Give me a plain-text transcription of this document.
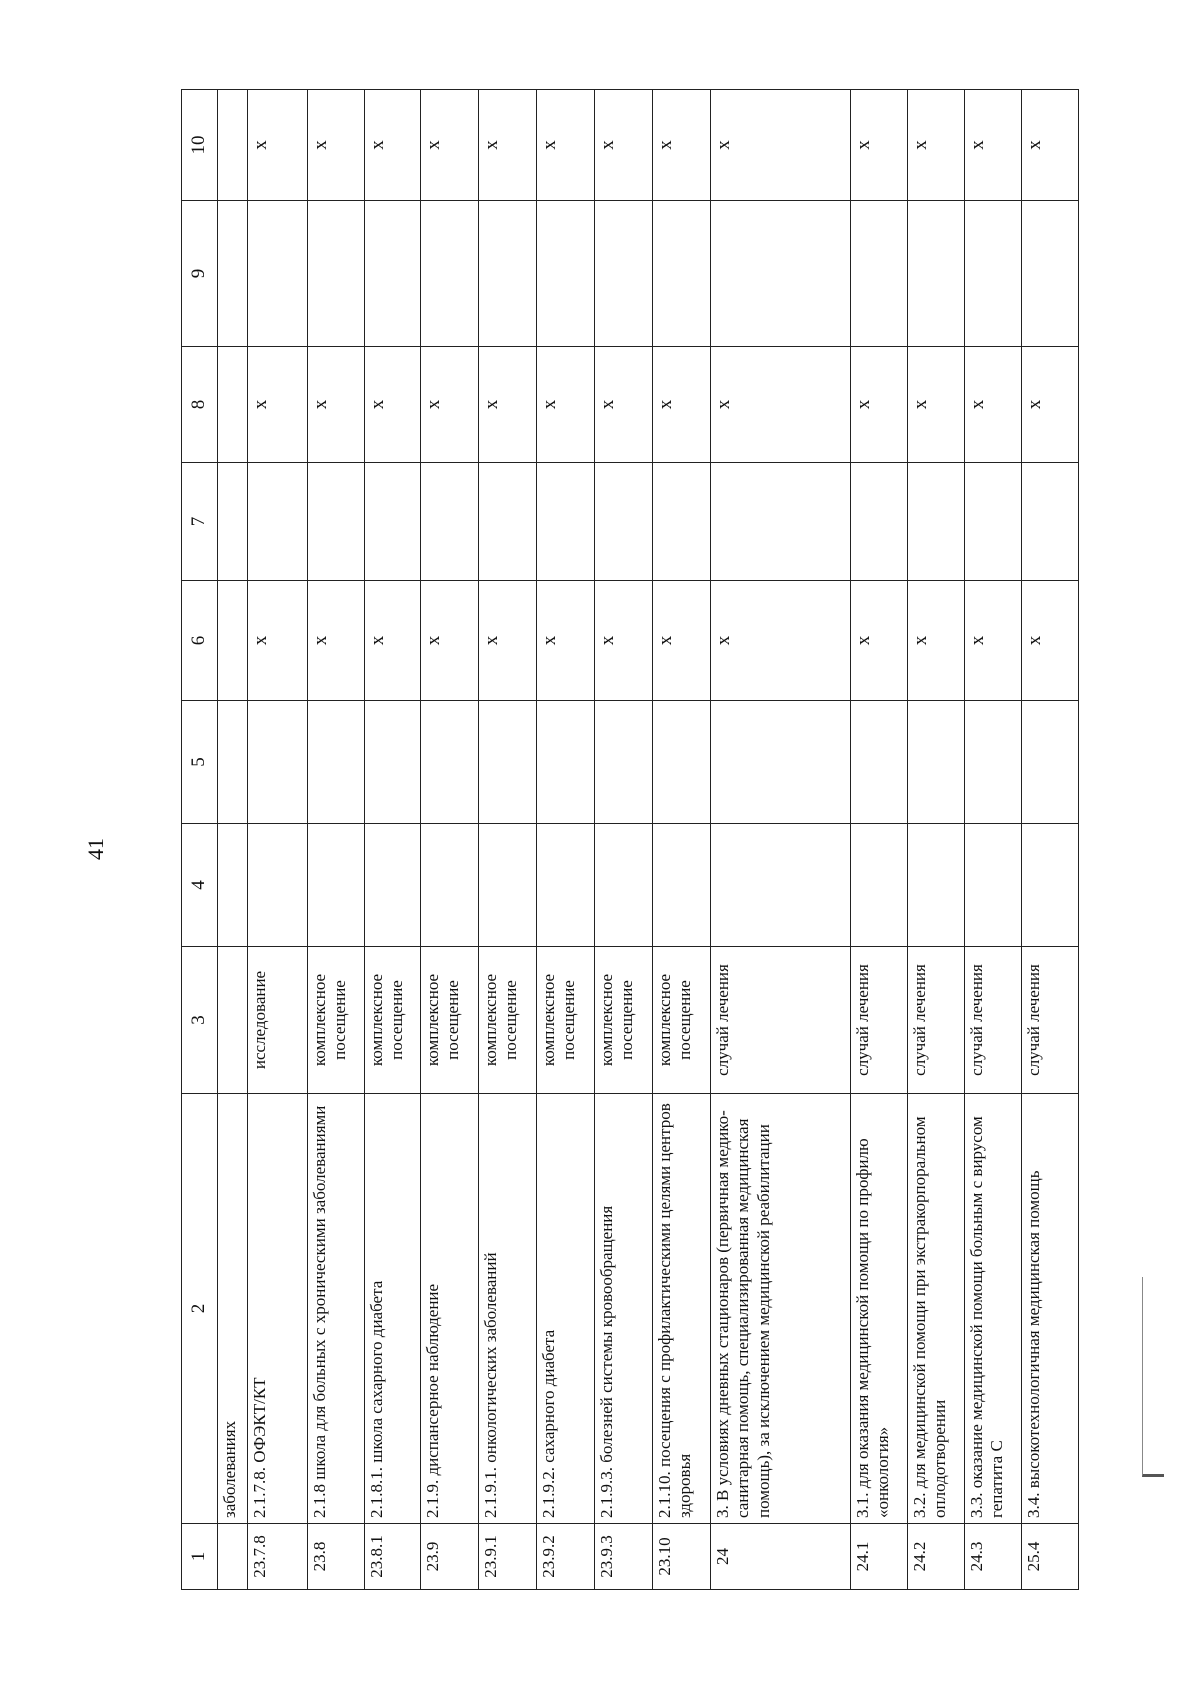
41
1	2	3	4	5	6	7	8	9	10
	заболеваниях								
23.7.8	2.1.7.8. ОФЭКТ/КТ	исследование			х		х		х
23.8	2.1.8 школа для больных с хроническими заболеваниями	комплексное посещение			х		х		х
23.8.1	2.1.8.1. школа сахарного диабета	комплексное посещение			х		х		х
23.9	2.1.9. диспансерное наблюдение	комплексное посещение			х		х		х
23.9.1	2.1.9.1. онкологических заболеваний	комплексное посещение			х		х		х
23.9.2	2.1.9.2. сахарного диабета	комплексное посещение			х		х		х
23.9.3	2.1.9.3. болезней системы кровообращения	комплексное посещение			х		х		х
23.10	2.1.10. посещения с профилактическими целями центров здоровья	комплексное посещение			х		х		х
24	3. В условиях дневных стационаров (первичная медико-санитарная помощь, специализированная медицинская помощь), за исключением медицинской реабилитации	случай лечения			х		х		х
24.1	3.1. для оказания медицинской помощи по профилю «онкология»	случай лечения			х		х		х
24.2	3.2. для медицинской помощи при экстракорпоральном оплодотворении	случай лечения			х		х		х
24.3	3.3. оказание медицинской помощи больным с вирусом гепатита С	случай лечения			х		х		х
25.4	3.4. высокотехнологичная медицинская помощь	случай лечения			х		х		х
